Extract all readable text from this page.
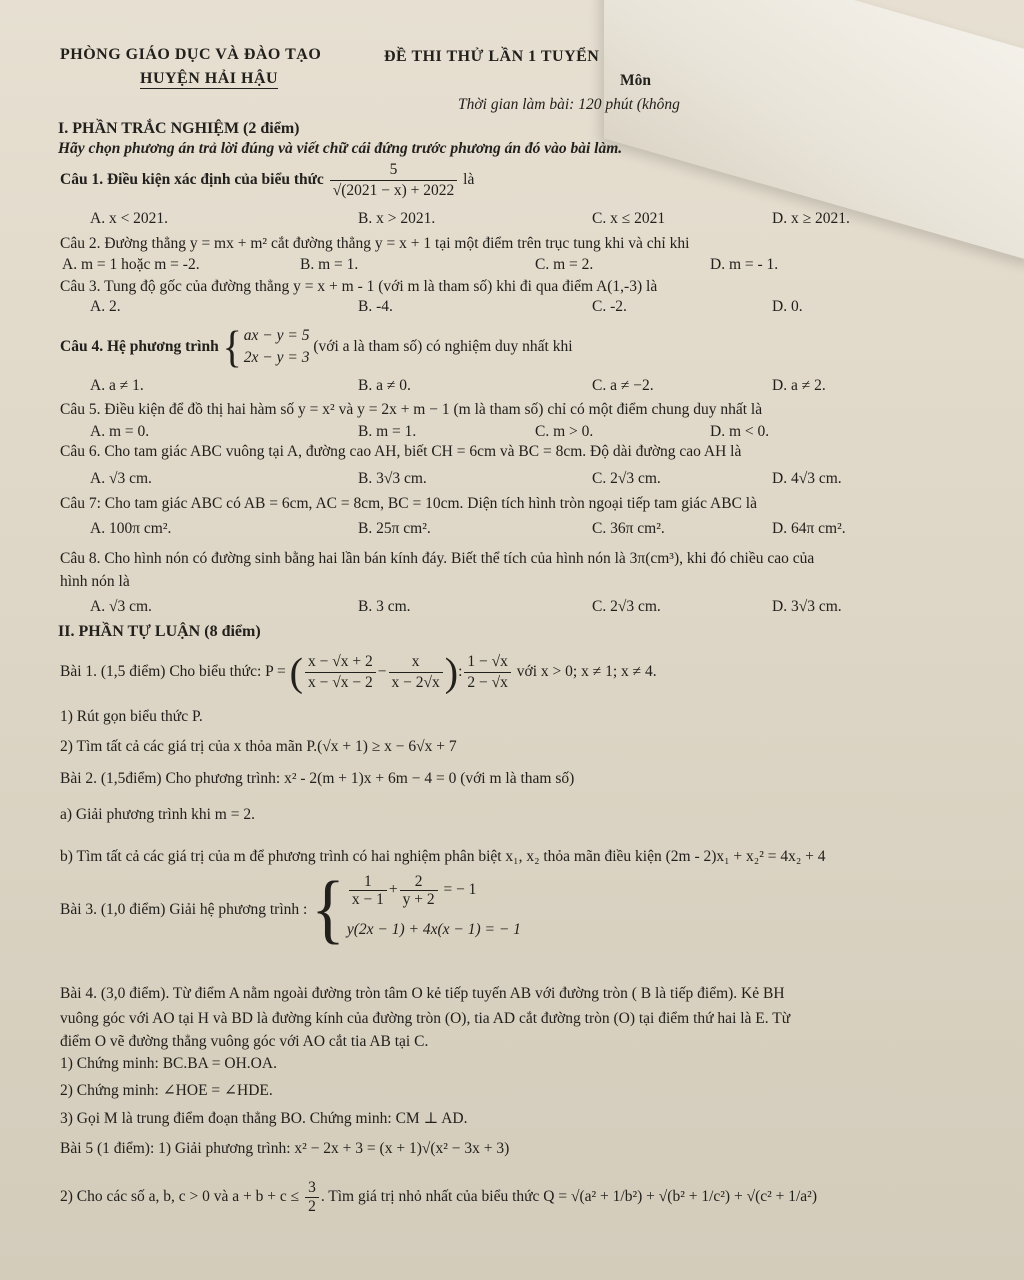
PHÒNG GIÁO DỤC VÀ ĐÀO TẠO	ĐỀ THI THỬ LẦN 1 TUYỂN
HUYỆN HẢI HẬU	Môn
Thời gian làm bài: 120 phút (không
I. PHẦN TRẮC NGHIỆM (2 điểm)
Hãy chọn phương án trả lời đúng và viết chữ cái đứng trước phương án đó vào bài làm.
Câu 1. Điều kiện xác định của biểu thức $\frac{5}{√(2021 - x) + 2022}$ là
A. x < 2021.	B. x > 2021.	C. x ≤ 2021	D. x ≥ 2021.
Câu 2. Đường thẳng y = mx + m² cắt đường thẳng y = x + 1 tại một điểm trên trục tung khi và chỉ khi
A. m = 1 hoặc m = -2.	B. m = 1.	C. m = 2.	D. m = - 1.
Câu 3. Tung độ gốc của đường thẳng y = x + m - 1 (với m là tham số) khi đi qua điểm A(1,-3) là
A. 2.	B. -4.	C. -2.	D. 0.
Câu 4. Hệ phương trình { ax − y = 5
2x − y = 3
(với a là tham số) có nghiệm duy nhất khi
A. a ≠ 1.	B. a ≠ 0.	C. a ≠ −2.	D. a ≠ 2.
Câu 5. Điều kiện để đồ thị hai hàm số y = x² và y = 2x + m − 1 (m là tham số) chỉ có một điểm chung duy nhất là
A. m = 0.	B. m = 1.	C. m > 0.	D. m < 0.
Câu 6. Cho tam giác ABC vuông tại A, đường cao AH, biết CH = 6cm và BC = 8cm. Độ dài đường cao AH là
A. √3 cm.	B. 3√3 cm.	C. 2√3 cm.	D. 4√3 cm.
Câu 7: Cho tam giác ABC có AB = 6cm, AC = 8cm, BC = 10cm. Diện tích hình tròn ngoại tiếp tam giác ABC là
A. 100π cm².	B. 25π cm².	C. 36π cm².	D. 64π cm².
Câu 8. Cho hình nón có đường sinh bằng hai lần bán kính đáy. Biết thể tích của hình nón là 3π(cm³), khi đó chiều cao của
hình nón là
A. √3 cm.	B. 3 cm.	C. 2√3 cm.	D. 3√3 cm.
II. PHẦN TỰ LUẬN (8 điểm)
Bài 1. (1,5 điểm) Cho biểu thức: P = ( $\frac{x - √x + 2}{x - √x - 2} - \frac{x}{x - 2√x}$ ): $\frac{1 - √x}{2 - √x}$ với x > 0; x ≠ 1; x ≠ 4.
1) Rút gọn biểu thức P.
2) Tìm tất cả các giá trị của x thỏa mãn P.(√x + 1) ≥ x − 6√x + 7
Bài 2. (1,5điểm) Cho phương trình: x² - 2(m + 1)x + 6m − 4 = 0 (với m là tham số)
a) Giải phương trình khi m = 2.
b) Tìm tất cả các giá trị của m để phương trình có hai nghiệm phân biệt x₁, x₂ thỏa mãn điều kiện (2m - 2)x₁ + x₂² = 4x₂ + 4
Bài 3. (1,0 điểm) Giải hệ phương trình : { $\frac{1}{x - 1} + \frac{2}{y + 2}$ = − 1
y(2x − 1) + 4x(x − 1) = − 1
Bài 4. (3,0 điểm). Từ điểm A nằm ngoài đường tròn tâm O kẻ tiếp tuyến AB với đường tròn ( B là tiếp điểm). Kẻ BH
vuông góc với AO tại H và BD là đường kính của đường tròn (O), tia AD cắt đường tròn (O) tại điểm thứ hai là E. Từ
điểm O vẽ đường thẳng vuông góc với AO cắt tia AB tại C.
1) Chứng minh: BC.BA = OH.OA.
2) Chứng minh: ∠HOE = ∠HDE.
3) Gọi M là trung điểm đoạn thẳng BO. Chứng minh: CM ⊥ AD.
Bài 5 (1 điểm): 1) Giải phương trình: x² − 2x + 3 = (x + 1)√(x² − 3x + 3)
2) Cho các số a, b, c > 0 và $a + b + c \le \frac{3}{2}$ . Tìm giá trị nhỏ nhất của biểu thức Q = √(a² + 1/b²) + √(b² + 1/c²) + √(c² + 1/a²)
